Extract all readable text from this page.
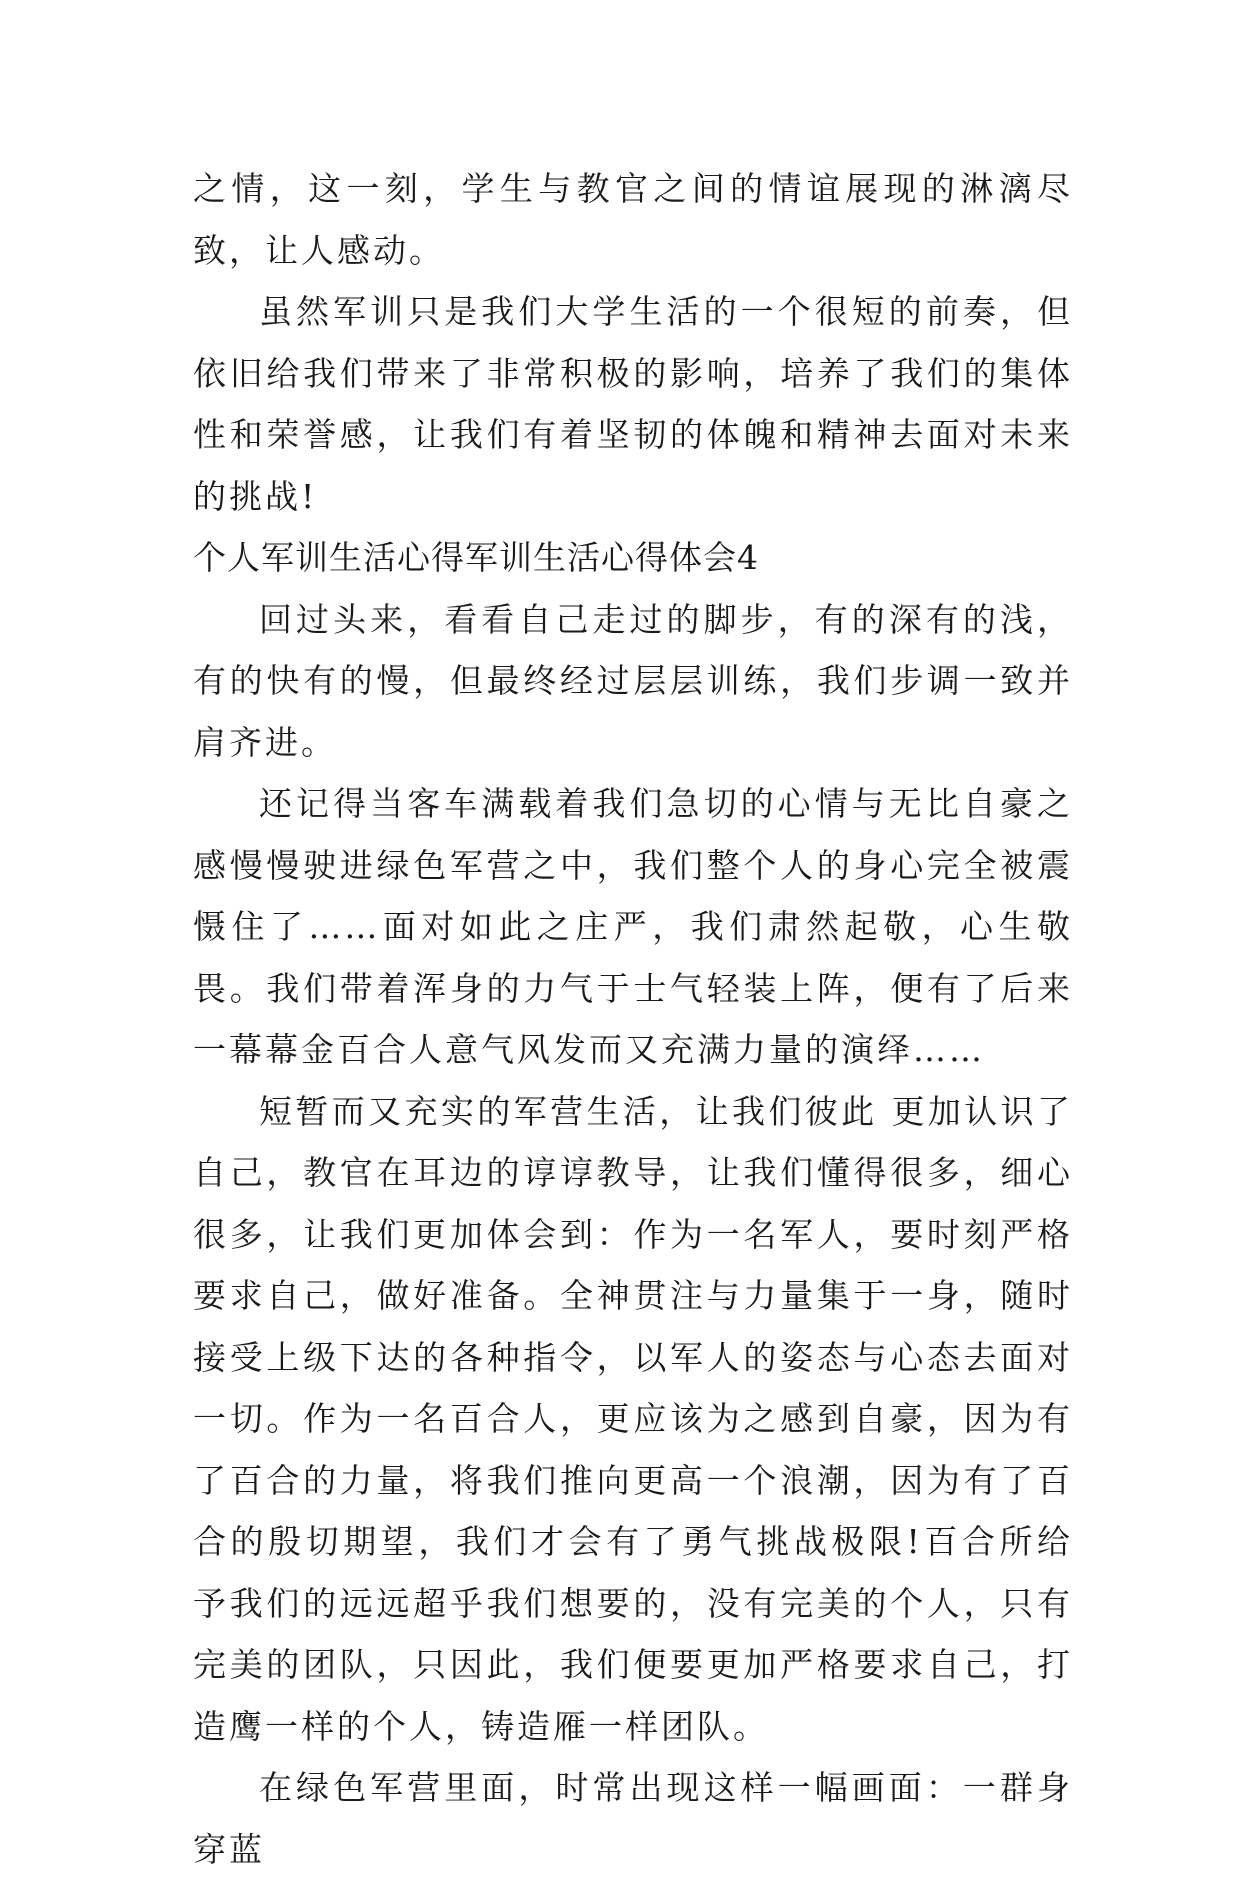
之情，这一刻，学生与教官之间的情谊展现的淋漓尽致，让人感动。

虽然军训只是我们大学生活的一个很短的前奏，但依旧给我们带来了非常积极的影响，培养了我们的集体性和荣誉感，让我们有着坚韧的体魄和精神去面对未来的挑战!

个人军训生活心得军训生活心得体会4

回过头来，看看自己走过的脚步，有的深有的浅，有的快有的慢，但最终经过层层训练，我们步调一致并肩齐进。

还记得当客车满载着我们急切的心情与无比自豪之感慢慢驶进绿色军营之中，我们整个人的身心完全被震慑住了……面对如此之庄严，我们肃然起敬，心生敬畏。我们带着浑身的力气于士气轻装上阵，便有了后来一幕幕金百合人意气风发而又充满力量的演绎……

短暂而又充实的军营生活，让我们彼此 更加认识了自己，教官在耳边的谆谆教导，让我们懂得很多，细心很多，让我们更加体会到：作为一名军人，要时刻严格要求自己，做好准备。全神贯注与力量集于一身，随时接受上级下达的各种指令，以军人的姿态与心态去面对一切。作为一名百合人，更应该为之感到自豪，因为有了百合的力量，将我们推向更高一个浪潮，因为有了百合的殷切期望，我们才会有了勇气挑战极限!百合所给予我们的远远超乎我们想要的，没有完美的个人，只有完美的团队，只因此，我们便要更加严格要求自己，打造鹰一样的个人，铸造雁一样团队。

在绿色军营里面，时常出现这样一幅画面：一群身穿蓝
